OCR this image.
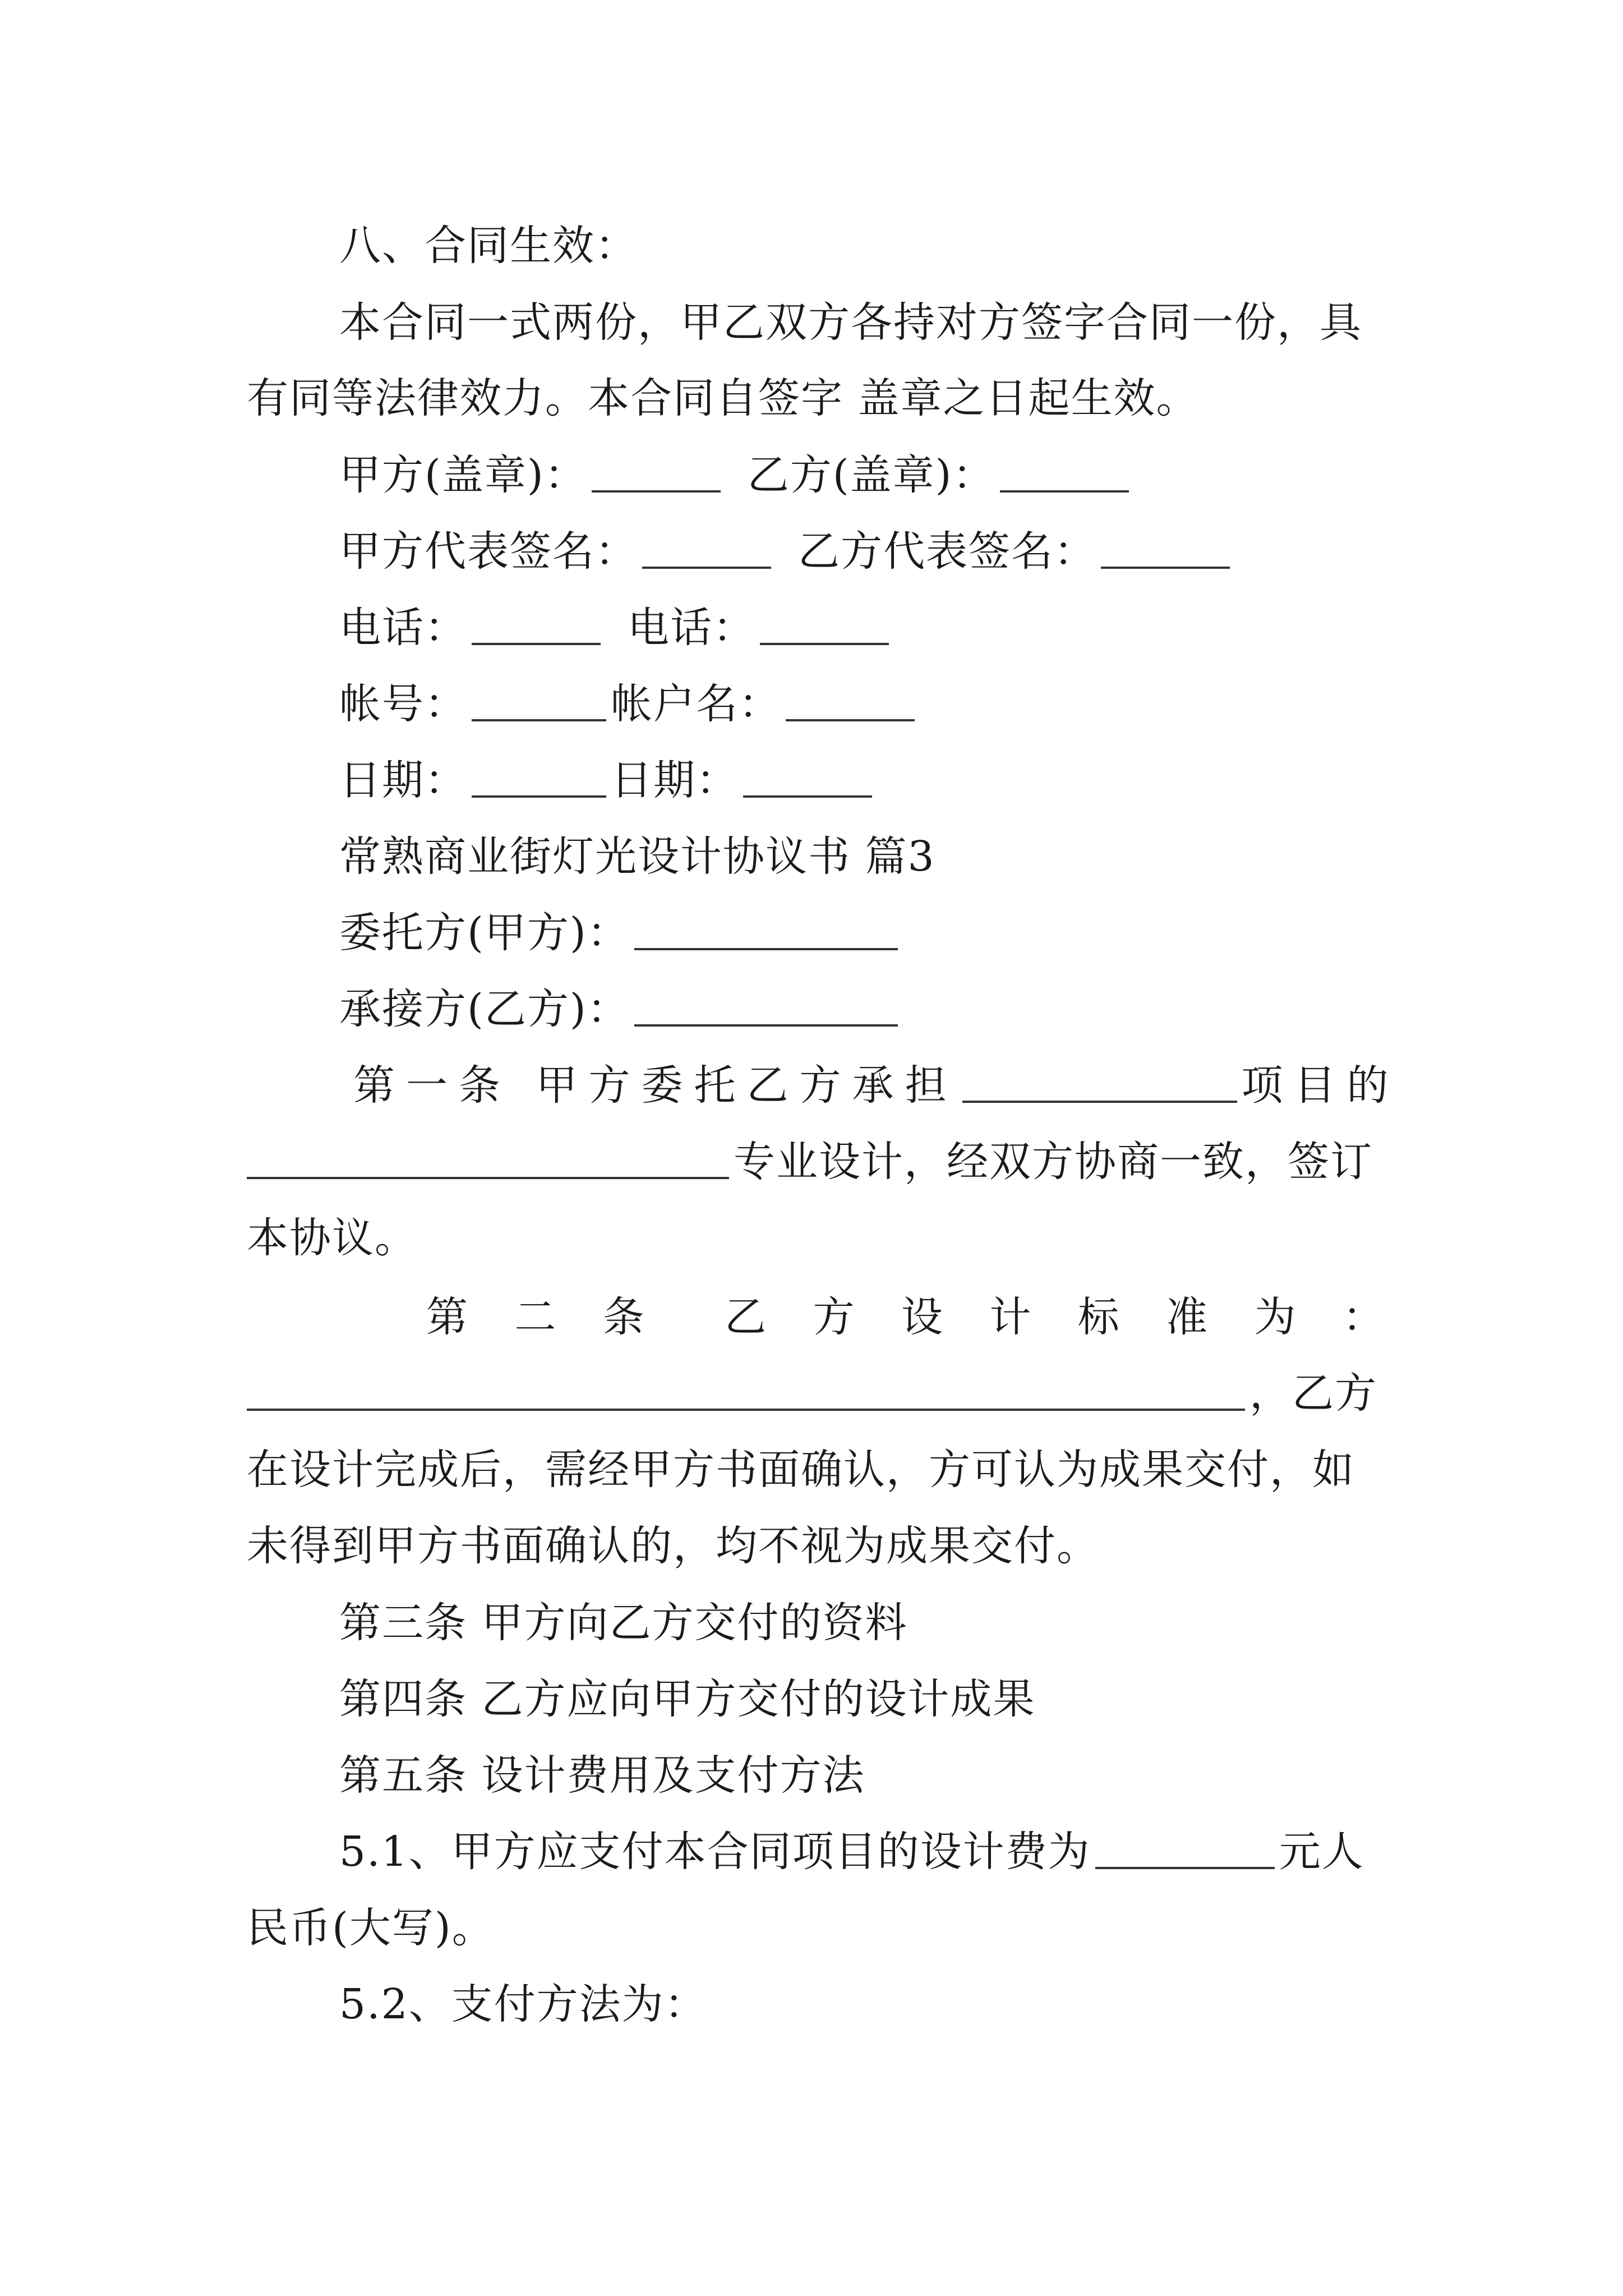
八、合同生效：
本合同一式两份，甲乙双方各持对方签字合同一份，具
有同等法律效力。本合同自签字 盖章之日起生效。
甲方(盖章)：	乙方(盖章)：
甲方代表签名：	乙方代表签名：
电话：	电话：
帐号：	帐户名：
日期：	日期：
常熟商业街灯光设计协议书 篇3
委托方(甲方)：
承接方(乙方)：
第一条 甲方委托乙方承担	项目的
专业设计，经双方协商一致，签订
本协议。
第 二 条 乙 方 设 计 标 准 为 ：
，乙方
在设计完成后，需经甲方书面确认，方可认为成果交付，如
未得到甲方书面确认的，均不视为成果交付。
第三条 甲方向乙方交付的资料
第四条 乙方应向甲方交付的设计成果
第五条 设计费用及支付方法
5.1、甲方应支付本合同项目的设计费为	元人
民币(大写)。
5.2、支付方法为：
